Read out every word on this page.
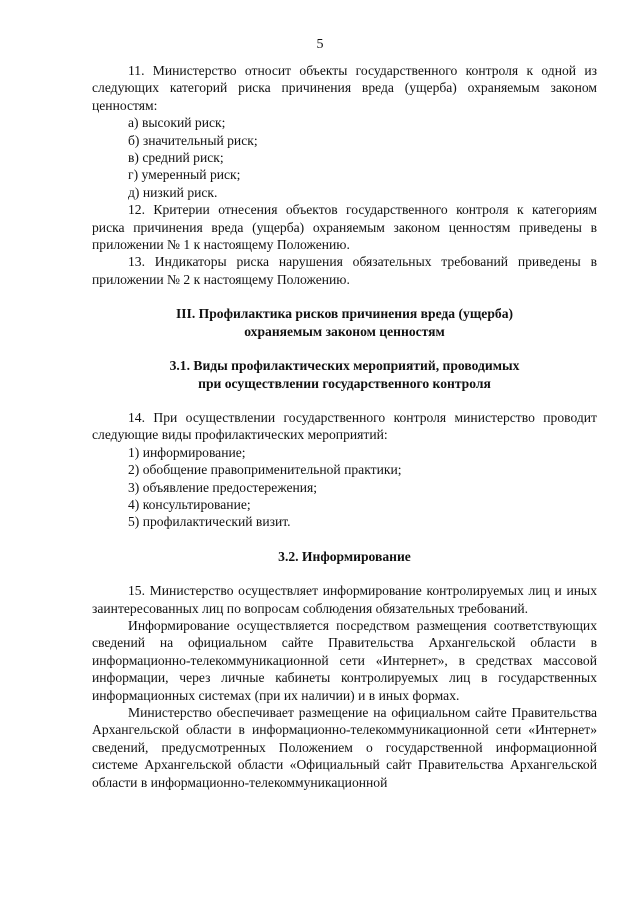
5

11. Министерство относит объекты государственного контроля к одной из следующих категорий риска причинения вреда (ущерба) охраняемым законом ценностям:

а) высокий риск;
б) значительный риск;
в) средний риск;
г) умеренный риск;
д) низкий риск.

12. Критерии отнесения объектов государственного контроля к категориям риска причинения вреда (ущерба) охраняемым законом ценностям приведены в приложении № 1 к настоящему Положению.

13. Индикаторы риска нарушения обязательных требований приведены в приложении № 2 к настоящему Положению.

III. Профилактика рисков причинения вреда (ущерба)
охраняемым законом ценностям
3.1. Виды профилактических мероприятий, проводимых
при осуществлении государственного контроля

14. При осуществлении государственного контроля министерство проводит следующие виды профилактических мероприятий:

1) информирование;
2) обобщение правоприменительной практики;
3) объявление предостережения;
4) консультирование;
5) профилактический визит.
3.2. Информирование

15. Министерство осуществляет информирование контролируемых лиц и иных заинтересованных лиц по вопросам соблюдения обязательных требований.

Информирование осуществляется посредством размещения соответствующих сведений на официальном сайте Правительства Архангельской области в информационно-телекоммуникационной сети «Интернет», в средствах массовой информации, через личные кабинеты контролируемых лиц в государственных информационных системах (при их наличии) и в иных формах.

Министерство обеспечивает размещение на официальном сайте Правительства Архангельской области в информационно-телекоммуникационной сети «Интернет» сведений, предусмотренных Положением о государственной информационной системе Архангельской области «Официальный сайт Правительства Архангельской области в информационно-телекоммуникационной
